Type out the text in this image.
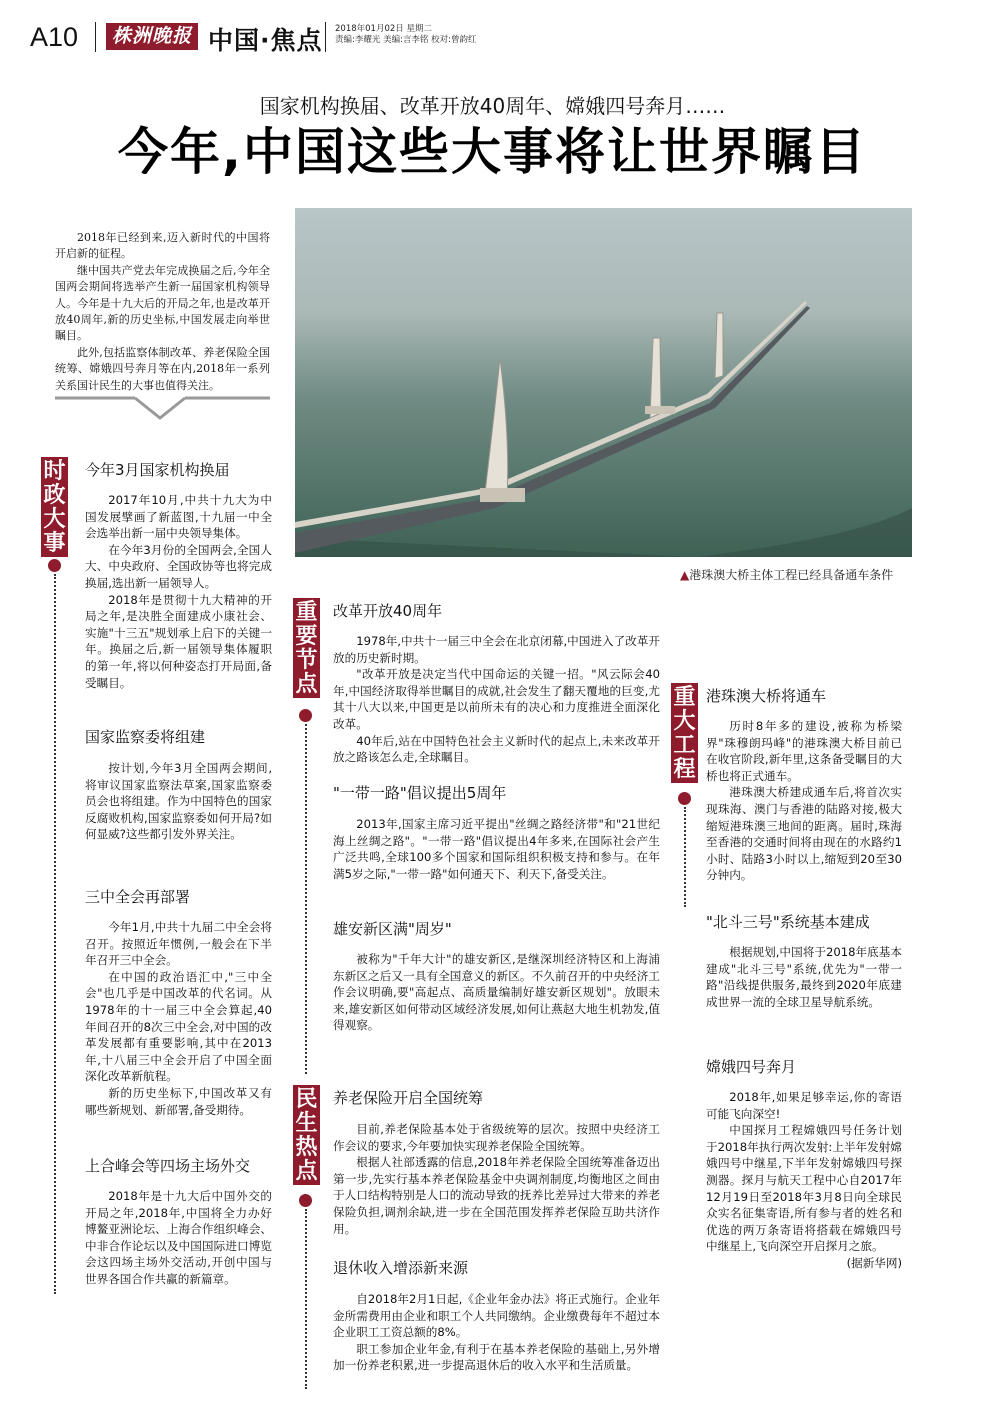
A10	株洲晚报 中国·焦点 2018年01月02日 星期二
责编:李耀光 美编:言李铭 校对:曾韵红
国家机构换届、改革开放40周年、嫦娥四号奔月……
今年,中国这些大事将让世界瞩目

2018年已经到来,迈入新时代的中国将开启新的征程。

继中国共产党去年完成换届之后,今年全国两会期间将选举产生新一届国家机构领导人。今年是十九大后的开局之年,也是改革开放40周年,新的历史坐标,中国发展走向举世瞩目。

此外,包括监察体制改革、养老保险全国统筹、嫦娥四号奔月等在内,2018年一系列关系国计民生的大事也值得关注。

▲港珠澳大桥主体工程已经具备通车条件
时政大事
今年3月国家机构换届

2017年10月,中共十九大为中国发展擘画了新蓝图,十九届一中全会选举出新一届中央领导集体。

在今年3月份的全国两会,全国人大、中央政府、全国政协等也将完成换届,选出新一届领导人。

2018年是贯彻十九大精神的开局之年,是决胜全面建成小康社会、实施"十三五"规划承上启下的关键一年。换届之后,新一届领导集体履职的第一年,将以何种姿态打开局面,备受瞩目。

国家监察委将组建

按计划,今年3月全国两会期间,将审议国家监察法草案,国家监察委员会也将组建。作为中国特色的国家反腐败机构,国家监察委如何开局?如何显威?这些都引发外界关注。

三中全会再部署

今年1月,中共十九届二中全会将召开。按照近年惯例,一般会在下半年召开三中全会。

在中国的政治语汇中,"三中全会"也几乎是中国改革的代名词。从1978年的十一届三中全会算起,40年间召开的8次三中全会,对中国的改革发展都有重要影响,其中在2013年,十八届三中全会开启了中国全面深化改革新航程。

新的历史坐标下,中国改革又有哪些新规划、新部署,备受期待。

上合峰会等四场主场外交

2018年是十九大后中国外交的开局之年,2018年,中国将全力办好博鳌亚洲论坛、上海合作组织峰会、中非合作论坛以及中国国际进口博览会这四场主场外交活动,开创中国与世界各国合作共赢的新篇章。

重要节点
改革开放40周年

1978年,中共十一届三中全会在北京闭幕,中国进入了改革开放的历史新时期。

"改革开放是决定当代中国命运的关键一招。"风云际会40年,中国经济取得举世瞩目的成就,社会发生了翻天覆地的巨变,尤其十八大以来,中国更是以前所未有的决心和力度推进全面深化改革。

40年后,站在中国特色社会主义新时代的起点上,未来改革开放之路该怎么走,全球瞩目。

"一带一路"倡议提出5周年

2013年,国家主席习近平提出"丝绸之路经济带"和"21世纪海上丝绸之路"。"一带一路"倡议提出4年多来,在国际社会产生广泛共鸣,全球100多个国家和国际组织积极支持和参与。在年满5岁之际,"一带一路"如何通天下、利天下,备受关注。

雄安新区满"周岁"

被称为"千年大计"的雄安新区,是继深圳经济特区和上海浦东新区之后又一具有全国意义的新区。不久前召开的中央经济工作会议明确,要"高起点、高质量编制好雄安新区规划"。放眼未来,雄安新区如何带动区域经济发展,如何让燕赵大地生机勃发,值得观察。

民生热点
养老保险开启全国统筹

目前,养老保险基本处于省级统筹的层次。按照中央经济工作会议的要求,今年要加快实现养老保险全国统筹。

根据人社部透露的信息,2018年养老保险全国统筹准备迈出第一步,先实行基本养老保险基金中央调剂制度,均衡地区之间由于人口结构特别是人口的流动导致的抚养比差异过大带来的养老保险负担,调剂余缺,进一步在全国范围发挥养老保险互助共济作用。

退休收入增添新来源

自2018年2月1日起,《企业年金办法》将正式施行。企业年金所需费用由企业和职工个人共同缴纳。企业缴费每年不超过本企业职工工资总额的8%。

职工参加企业年金,有利于在基本养老保险的基础上,另外增加一份养老积累,进一步提高退休后的收入水平和生活质量。

重大工程
港珠澳大桥将通车

历时8年多的建设,被称为桥梁界"珠穆朗玛峰"的港珠澳大桥目前已在收官阶段,新年里,这条备受瞩目的大桥也将正式通车。

港珠澳大桥建成通车后,将首次实现珠海、澳门与香港的陆路对接,极大缩短港珠澳三地间的距离。届时,珠海至香港的交通时间将由现在的水路约1小时、陆路3小时以上,缩短到20至30分钟内。

"北斗三号"系统基本建成

根据规划,中国将于2018年底基本建成"北斗三号"系统,优先为"一带一路"沿线提供服务,最终到2020年底建成世界一流的全球卫星导航系统。

嫦娥四号奔月

2018年,如果足够幸运,你的寄语可能飞向深空!

中国探月工程嫦娥四号任务计划于2018年执行两次发射:上半年发射嫦娥四号中继星,下半年发射嫦娥四号探测器。探月与航天工程中心自2017年12月19日至2018年3月8日向全球民众实名征集寄语,所有参与者的姓名和优选的两万条寄语将搭载在嫦娥四号中继星上,飞向深空开启探月之旅。

(据新华网)
